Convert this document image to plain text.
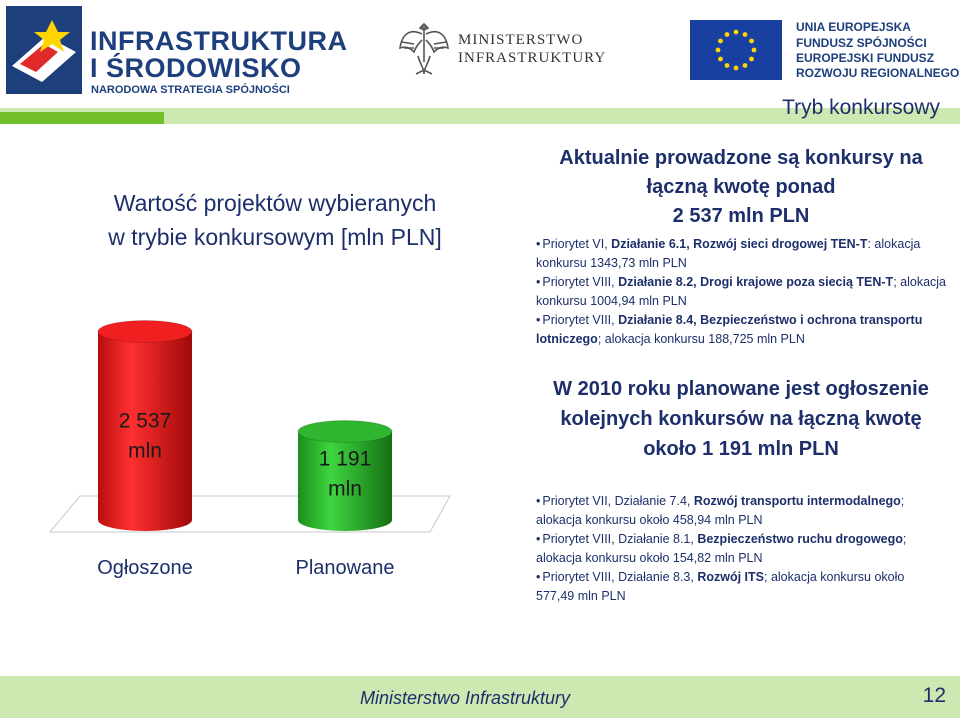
INFRASTRUKTURA
I ŚRODOWISKO
NARODOWA STRATEGIA SPÓJNOŚCI
MINISTERSTWO
INFRASTRUKTURY
UNIA EUROPEJSKA
FUNDUSZ SPÓJNOŚCI
EUROPEJSKI FUNDUSZ
ROZWOJU REGIONALNEGO
Tryb konkursowy
Wartość projektów wybieranych
w trybie konkursowym [mln PLN]
2 537
mln
Ogłoszone
1 191
mln
Planowane
Aktualnie prowadzone są konkursy na
łączną kwotę ponad
2 537 mln PLN
• Priorytet VI, Działanie 6.1, Rozwój sieci drogowej TEN-T: alokacja konkursu 1343,73 mln PLN
• Priorytet VIII, Działanie 8.2, Drogi krajowe poza siecią TEN-T; alokacja konkursu 1004,94 mln PLN
• Priorytet VIII, Działanie 8.4, Bezpieczeństwo i ochrona transportu lotniczego; alokacja konkursu 188,725 mln PLN
W 2010 roku planowane jest ogłoszenie
kolejnych konkursów na łączną kwotę
około 1 191 mln PLN
• Priorytet VII, Działanie 7.4, Rozwój transportu intermodalnego; alokacja konkursu około 458,94 mln PLN
• Priorytet VIII, Działanie 8.1, Bezpieczeństwo ruchu drogowego; alokacja konkursu około 154,82 mln PLN
• Priorytet VIII, Działanie 8.3, Rozwój ITS; alokacja konkursu około 577,49 mln PLN
Ministerstwo Infrastruktury	12
